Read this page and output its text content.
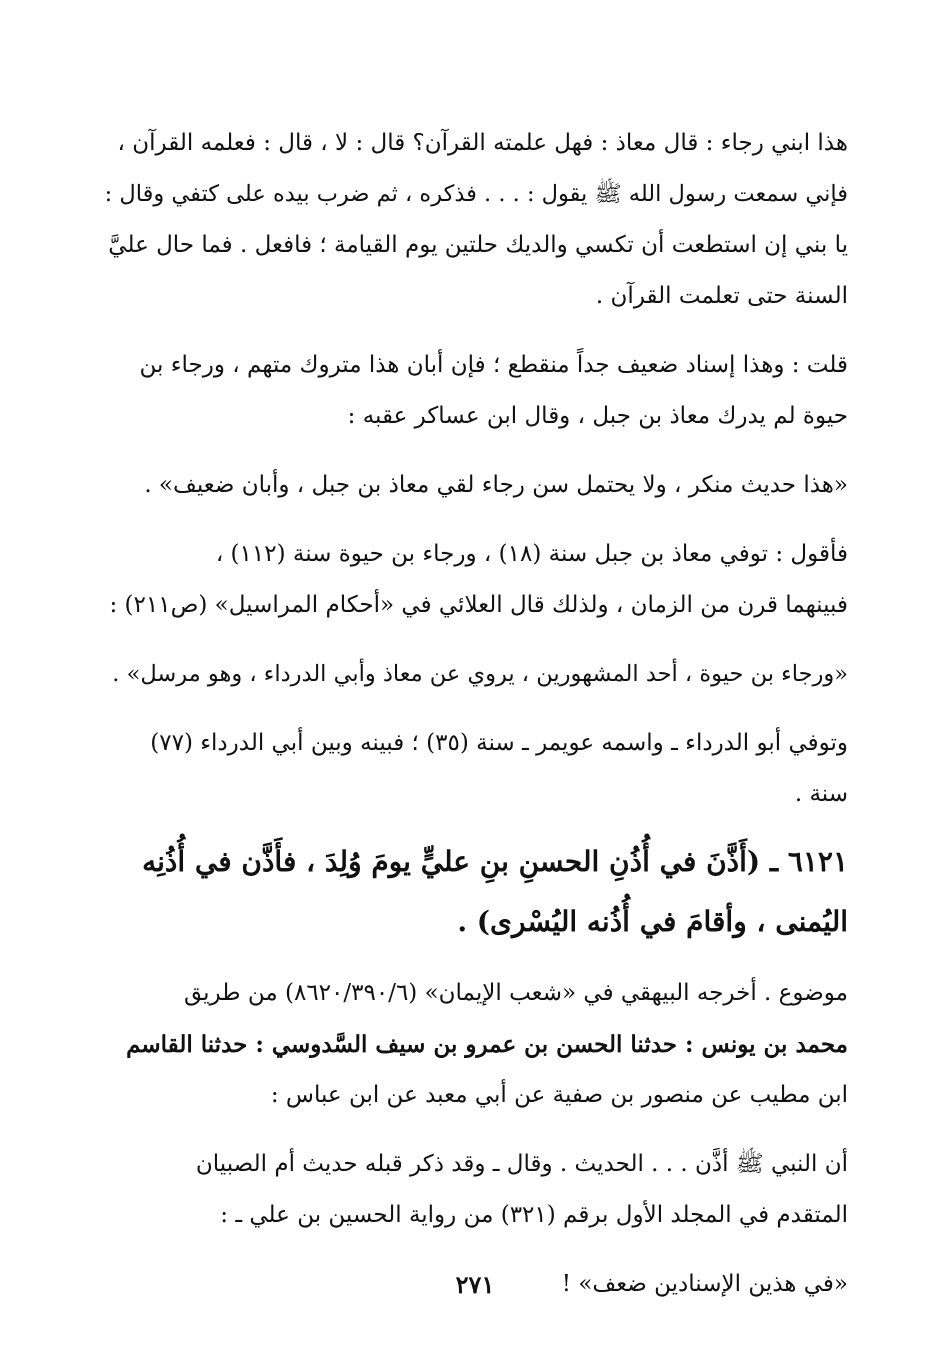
هذا ابني رجاء : قال معاذ : فهل علمته القرآن؟ قال : لا ، قال : فعلمه القرآن ،

فإني سمعت رسول الله ﷺ يقول : . . . فذكره ، ثم ضرب بيده على كتفي وقال :

يا بني إن استطعت أن تكسي والديك حلتين يوم القيامة ؛ فافعل . فما حال عليَّ

السنة حتى تعلمت القرآن .

قلت : وهذا إسناد ضعيف جداً منقطع ؛ فإن أبان هذا متروك متهم ، ورجاء بن

حيوة لم يدرك معاذ بن جبل ، وقال ابن عساكر عقبه :

«هذا حديث منكر ، ولا يحتمل سن رجاء لقي معاذ بن جبل ، وأبان ضعيف» .

فأقول : توفي معاذ بن جبل سنة (١٨) ، ورجاء بن حيوة سنة (١١٢) ،

فبينهما قرن من الزمان ، ولذلك قال العلائي في «أحكام المراسيل» (ص٢١١) :

«ورجاء بن حيوة ، أحد المشهورين ، يروي عن معاذ وأبي الدرداء ، وهو مرسل» .

وتوفي أبو الدرداء ـ واسمه عويمر ـ سنة (٣٥) ؛ فبينه وبين أبي الدرداء (٧٧)

سنة .

٦١٢١ ـ (أَذَّنَ في أُذُنِ الحسنِ بنِ عليٍّ يومَ وُلِدَ ، فأَذَّن في أُذُنِه

اليُمنى ، وأقامَ في أُذُنه اليُسْرى) .

موضوع . أخرجه البيهقي في «شعب الإيمان» (٨٦٢٠/٣٩٠/٦) من طريق

محمد بن يونس : حدثنا الحسن بن عمرو بن سيف السَّدوسي : حدثنا القاسم

ابن مطيب عن منصور بن صفية عن أبي معبد عن ابن عباس :

أن النبي ﷺ أذَّن . . . الحديث . وقال ـ وقد ذكر قبله حديث أم الصبيان

المتقدم في المجلد الأول برقم (٣٢١) من رواية الحسين بن علي ـ :

«في هذين الإسنادين ضعف» !

٢٧١
